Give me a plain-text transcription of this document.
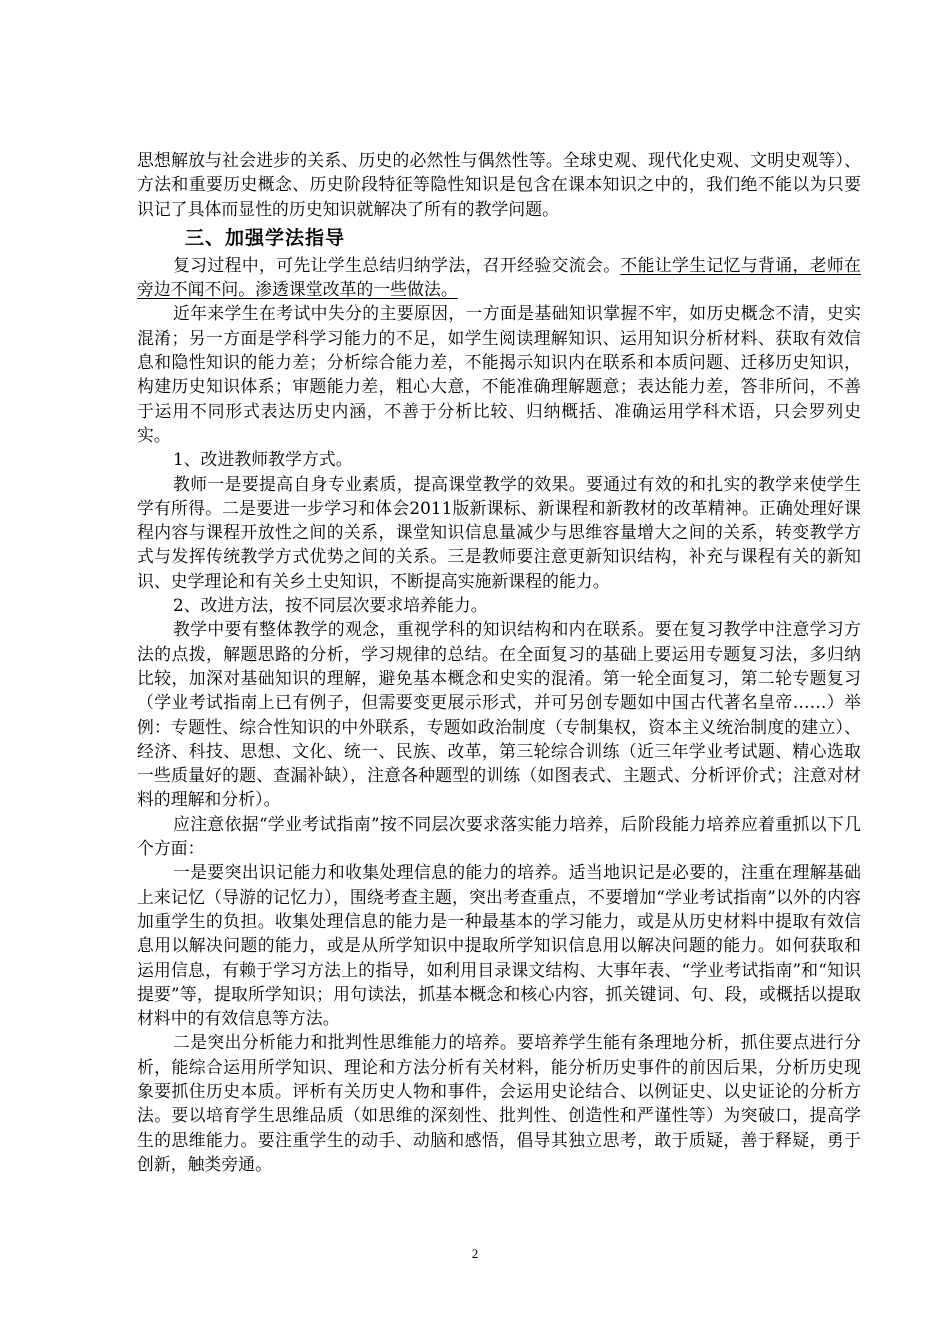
思想解放与社会进步的关系、历史的必然性与偶然性等。全球史观、现代化史观、文明史观等）、方法和重要历史概念、历史阶段特征等隐性知识是包含在课本知识之中的，我们绝不能以为只要识记了具体而显性的历史知识就解决了所有的教学问题。

三、加强学法指导

复习过程中，可先让学生总结归纳学法，召开经验交流会。不能让学生记忆与背诵，老师在旁边不闻不问。渗透课堂改革的一些做法。

近年来学生在考试中失分的主要原因，一方面是基础知识掌握不牢，如历史概念不清，史实混淆；另一方面是学科学习能力的不足，如学生阅读理解知识、运用知识分析材料、获取有效信息和隐性知识的能力差；分析综合能力差，不能揭示知识内在联系和本质问题、迁移历史知识，构建历史知识体系；审题能力差，粗心大意，不能准确理解题意；表达能力差，答非所问，不善于运用不同形式表达历史内涵，不善于分析比较、归纳概括、准确运用学科术语，只会罗列史实。

1、改进教师教学方式。

教师一是要提高自身专业素质，提高课堂教学的效果。要通过有效的和扎实的教学来使学生学有所得。二是要进一步学习和体会2011版新课标、新课程和新教材的改革精神。正确处理好课程内容与课程开放性之间的关系，课堂知识信息量减少与思维容量增大之间的关系，转变教学方式与发挥传统教学方式优势之间的关系。三是教师要注意更新知识结构，补充与课程有关的新知识、史学理论和有关乡土史知识，不断提高实施新课程的能力。

2、改进方法，按不同层次要求培养能力。

教学中要有整体教学的观念，重视学科的知识结构和内在联系。要在复习教学中注意学习方法的点拨，解题思路的分析，学习规律的总结。在全面复习的基础上要运用专题复习法，多归纳比较，加深对基础知识的理解，避免基本概念和史实的混淆。第一轮全面复习，第二轮专题复习（学业考试指南上已有例子，但需要变更展示形式，并可另创专题如中国古代著名皇帝……）举例：专题性、综合性知识的中外联系，专题如政治制度（专制集权，资本主义统治制度的建立）、经济、科技、思想、文化、统一、民族、改革，第三轮综合训练（近三年学业考试题、精心选取一些质量好的题、查漏补缺），注意各种题型的训练（如图表式、主题式、分析评价式；注意对材料的理解和分析）。

应注意依据“学业考试指南”按不同层次要求落实能力培养，后阶段能力培养应着重抓以下几个方面：

一是要突出识记能力和收集处理信息的能力的培养。适当地识记是必要的，注重在理解基础上来记忆（导游的记忆力），围绕考查主题，突出考查重点，不要增加“学业考试指南”以外的内容加重学生的负担。收集处理信息的能力是一种最基本的学习能力，或是从历史材料中提取有效信息用以解决问题的能力，或是从所学知识中提取所学知识信息用以解决问题的能力。如何获取和运用信息，有赖于学习方法上的指导，如利用目录课文结构、大事年表、“学业考试指南”和“知识提要”等，提取所学知识；用句读法，抓基本概念和核心内容，抓关键词、句、段，或概括以提取材料中的有效信息等方法。

二是突出分析能力和批判性思维能力的培养。要培养学生能有条理地分析，抓住要点进行分析，能综合运用所学知识、理论和方法分析有关材料，能分析历史事件的前因后果，分析历史现象要抓住历史本质。评析有关历史人物和事件，会运用史论结合、以例证史、以史证论的分析方法。要以培育学生思维品质（如思维的深刻性、批判性、创造性和严谨性等）为突破口，提高学生的思维能力。要注重学生的动手、动脑和感悟，倡导其独立思考，敢于质疑，善于释疑，勇于创新，触类旁通。

2
